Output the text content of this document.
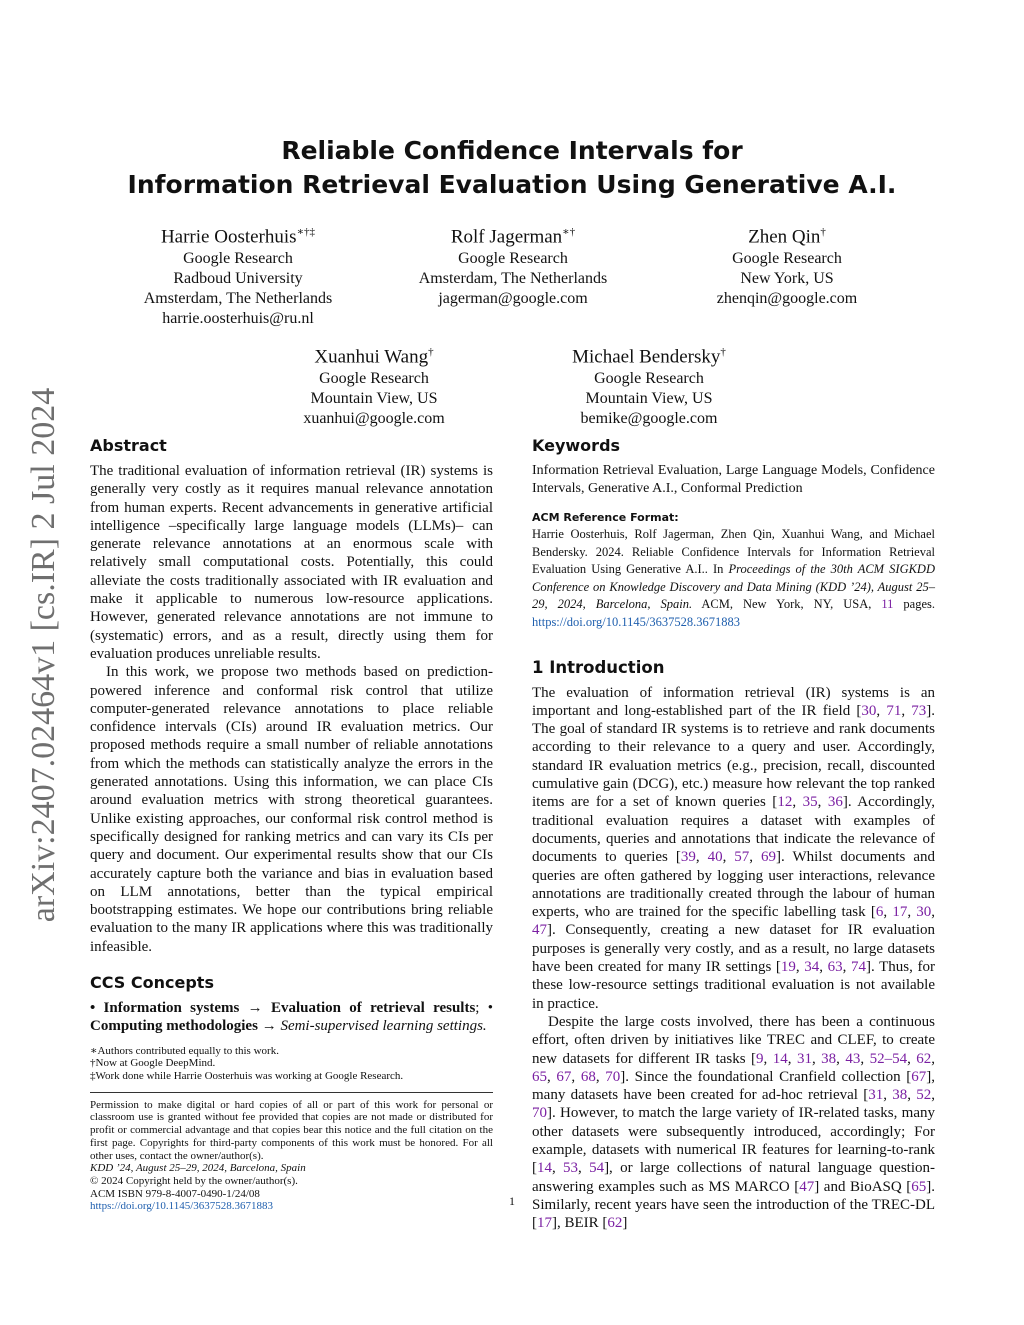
arXiv:2407.02464v1 [cs.IR] 2 Jul 2024
Reliable Confidence Intervals for
Information Retrieval Evaluation Using Generative A.I.
Harrie Oosterhuis∗†‡
Google Research
Radboud University
Amsterdam, The Netherlands
harrie.oosterhuis@ru.nl
Rolf Jagerman∗†
Google Research
Amsterdam, The Netherlands
jagerman@google.com
Zhen Qin†
Google Research
New York, US
zhenqin@google.com
Xuanhui Wang†
Google Research
Mountain View, US
xuanhui@google.com
Michael Bendersky†
Google Research
Mountain View, US
bemike@google.com
Abstract

The traditional evaluation of information retrieval (IR) systems is generally very costly as it requires manual relevance annotation from human experts. Recent advancements in generative artificial intelligence –specifically large language models (LLMs)– can generate relevance annotations at an enormous scale with relatively small computational costs. Potentially, this could alleviate the costs traditionally associated with IR evaluation and make it applicable to numerous low-resource applications. However, generated relevance annotations are not immune to (systematic) errors, and as a result, directly using them for evaluation produces unreliable results.

In this work, we propose two methods based on prediction-powered inference and conformal risk control that utilize computer-generated relevance annotations to place reliable confidence intervals (CIs) around IR evaluation metrics. Our proposed methods require a small number of reliable annotations from which the methods can statistically analyze the errors in the generated annotations. Using this information, we can place CIs around evaluation metrics with strong theoretical guarantees. Unlike existing approaches, our conformal risk control method is specifically designed for ranking metrics and can vary its CIs per query and document. Our experimental results show that our CIs accurately capture both the variance and bias in evaluation based on LLM annotations, better than the typical empirical bootstrapping estimates. We hope our contributions bring reliable evaluation to the many IR applications where this was traditionally infeasible.

CCS Concepts

• Information systems → Evaluation of retrieval results; • Computing methodologies → Semi-supervised learning settings.

∗Authors contributed equally to this work.
†Now at Google DeepMind.
‡Work done while Harrie Oosterhuis was working at Google Research.
Permission to make digital or hard copies of all or part of this work for personal or classroom use is granted without fee provided that copies are not made or distributed for profit or commercial advantage and that copies bear this notice and the full citation on the first page. Copyrights for third-party components of this work must be honored. For all other uses, contact the owner/author(s).
KDD ’24, August 25–29, 2024, Barcelona, Spain
© 2024 Copyright held by the owner/author(s).
ACM ISBN 979-8-4007-0490-1/24/08
https://doi.org/10.1145/3637528.3671883
Keywords

Information Retrieval Evaluation, Large Language Models, Confidence Intervals, Generative A.I., Conformal Prediction

ACM Reference Format:

Harrie Oosterhuis, Rolf Jagerman, Zhen Qin, Xuanhui Wang, and Michael Bendersky. 2024. Reliable Confidence Intervals for Information Retrieval Evaluation Using Generative A.I.. In Proceedings of the 30th ACM SIGKDD Conference on Knowledge Discovery and Data Mining (KDD ’24), August 25–29, 2024, Barcelona, Spain. ACM, New York, NY, USA, 11 pages. https://doi.org/10.1145/3637528.3671883

1 Introduction

The evaluation of information retrieval (IR) systems is an important and long-established part of the IR field [30, 71, 73]. The goal of standard IR systems is to retrieve and rank documents according to their relevance to a query and user. Accordingly, standard IR evaluation metrics (e.g., precision, recall, discounted cumulative gain (DCG), etc.) measure how relevant the top ranked items are for a set of known queries [12, 35, 36]. Accordingly, traditional evaluation requires a dataset with examples of documents, queries and annotations that indicate the relevance of documents to queries [39, 40, 57, 69]. Whilst documents and queries are often gathered by logging user interactions, relevance annotations are traditionally created through the labour of human experts, who are trained for the specific labelling task [6, 17, 30, 47]. Consequently, creating a new dataset for IR evaluation purposes is generally very costly, and as a result, no large datasets have been created for many IR settings [19, 34, 63, 74]. Thus, for these low-resource settings traditional evaluation is not available in practice.

Despite the large costs involved, there has been a continuous effort, often driven by initiatives like TREC and CLEF, to create new datasets for different IR tasks [9, 14, 31, 38, 43, 52–54, 62, 65, 67, 68, 70]. Since the foundational Cranfield collection [67], many datasets have been created for ad-hoc retrieval [31, 38, 52, 70]. However, to match the large variety of IR-related tasks, many other datasets were subsequently introduced, accordingly; For example, datasets with numerical IR features for learning-to-rank [14, 53, 54], or large collections of natural language question-answering examples such as MS MARCO [47] and BioASQ [65]. Similarly, recent years have seen the introduction of the TREC-DL [17], BEIR [62]

1
